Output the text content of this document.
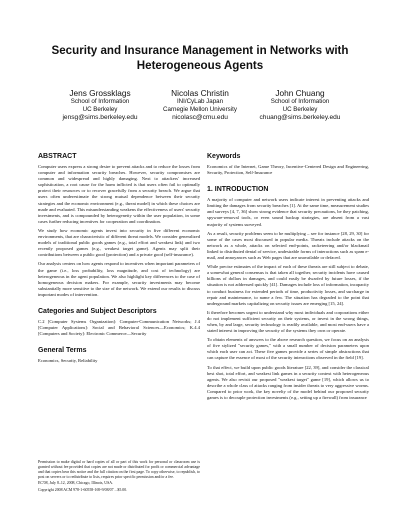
Security and Insurance Management in Networks with
Heterogeneous Agents
Jens Grossklags
School of Information
UC Berkeley
jensg@sims.berkeley.edu
Nicolas Christin
INI/CyLab Japan
Carnegie Mellon University
nicolasc@cmu.edu
John Chuang
School of Information
UC Berkeley
chuang@sims.berkeley.edu
ABSTRACT

Computer users express a strong desire to prevent attacks and to reduce the losses from computer and information security breaches. However, security compromises are common and widespread and highly damaging. Next to attackers' increased sophistication, a root cause for the harm inflicted is that users often fail to optimally protect their resources or to recover gracefully from a security breach. We argue that users often underestimate the strong mutual dependence between their security strategies and the economic environment (e.g., threat model) in which these choices are made and evaluated. This misunderstanding weakens the effectiveness of users' security investments, and is compounded by heterogeneity within the user population, in some cases further reducing incentives for cooperation and coordination.

We study how economic agents invest into security in five different economic environments, that are characteristic of different threat models. We consider generalized models of traditional public goods games (e.g., total effort and weakest link) and two recently proposed games (e.g., weakest target game). Agents may split their contributions between a public good (protection) and a private good (self-insurance).

Our analysis centers on how agents respond to incentives when important parameters of the game (i.e., loss probability, loss magnitude, and cost of technology) are heterogeneous in the agent population. We also highlight key differences to the case of homogeneous decision makers. For example, security investments may become substantially more sensitive to the size of the network. We extend our results to discuss important modes of intervention.

Categories and Subject Descriptors

C.2 [Computer Systems Organization]: Computer-Communication Networks; J.4 [Computer Applications]: Social and Behavioral Sciences—Economics; K.4.4 [Computers and Society]: Electronic Commerce—Security

General Terms

Economics, Security, Reliability

Permission to make digital or hard copies of all or part of this work for personal or classroom use is granted without fee provided that copies are not made or distributed for profit or commercial advantage and that copies bear this notice and the full citation on the first page. To copy otherwise, to republish, to post on servers or to redistribute to lists, requires prior specific permission and/or a fee.

EC'08, July 8–12, 2008, Chicago, Illinois, USA.

Copyright 2008 ACM 978-1-60558-169-9/08/07 ...$5.00.

Keywords

Economics of the Internet, Game Theory, Incentive-Centered Design and Engineering, Security, Protection, Self-Insurance

1. INTRODUCTION

A majority of computer and network users indicate interest in preventing attacks and limiting the damages from security breaches [1]. At the same time, measurement studies and surveys [4, 7, 36] show strong evidence that security precautions, be they patching, spyware-removal tools, or even sound backup strategies, are absent from a vast majority of systems surveyed.

As a result, security problems seem to be multiplying – see for instance [28, 29, 30] for some of the cases most discussed in popular media. Threats include attacks on the network as a whole, attacks on selected end-points, racketeering and/or blackmail linked to distributed denial of service, undesirable forms of interactions such as spam e-mail, and annoyances such as Web pages that are unavailable or defaced.

While precise estimates of the impact of each of these threats are still subject to debate, a somewhat general consensus is that taken all together, security incidents have caused billions of dollars in damages, and could easily be dwarfed by future losses, if the situation is not addressed quickly [41]. Damages include loss of information, incapacity to conduct business for extended periods of time, productivity losses, and surcharge in repair and maintenance, to name a few. The situation has degraded to the point that underground markets capitalizing on security issues are emerging [15, 24].

It therefore becomes urgent to understand why most individuals and corporations either do not implement sufficient security on their systems, or invest in the wrong things, when, by and large, security technology is readily available, and most end-users have a stated interest in improving the security of the systems they own or operate.

To obtain elements of answers to the above research question, we focus on an analysis of five stylized "security games," with a small number of decision parameters upon which each user can act. These five games provide a series of simple abstractions that can capture the essence of most of the security interactions observed in the field [19].

To that effect, we build upon public goods literature [22, 39], and consider the classical best shot, total effort, and weakest link games in a security context with heterogeneous agents. We also revisit our proposed "weakest target" game [19], which allows us to describe a whole class of attacks ranging from insider threats to very aggressive worms. Compared to prior work, the key novelty of the model behind our proposed security games is to decouple protection investments (e.g., setting up a firewall) from insurance
